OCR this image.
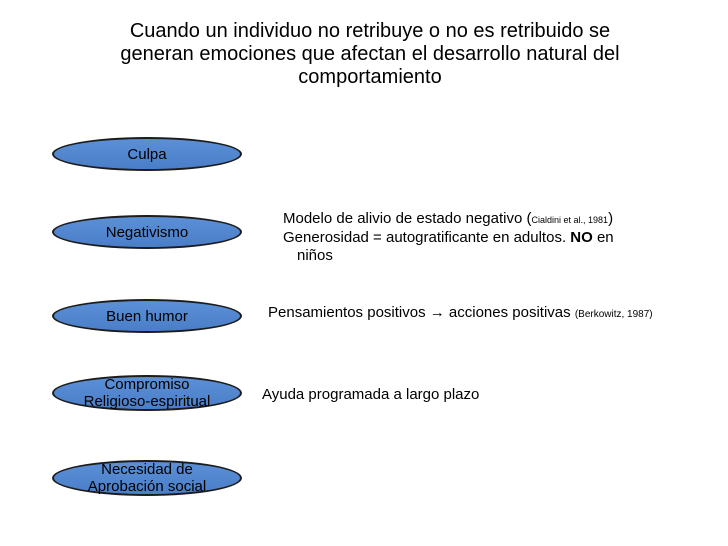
Cuando un individuo no retribuye o no es retribuido se
generan emociones que afectan el desarrollo natural del
comportamiento
Culpa
Negativismo
Buen humor
Compromiso
Religioso-espiritual
Necesidad de
Aprobación social
Modelo de alivio de estado negativo (Cialdini et al., 1981)
Generosidad = autogratificante en adultos. NO en
niños
Pensamientos positivos → acciones positivas (Berkowitz, 1987)
Ayuda programada a largo plazo
